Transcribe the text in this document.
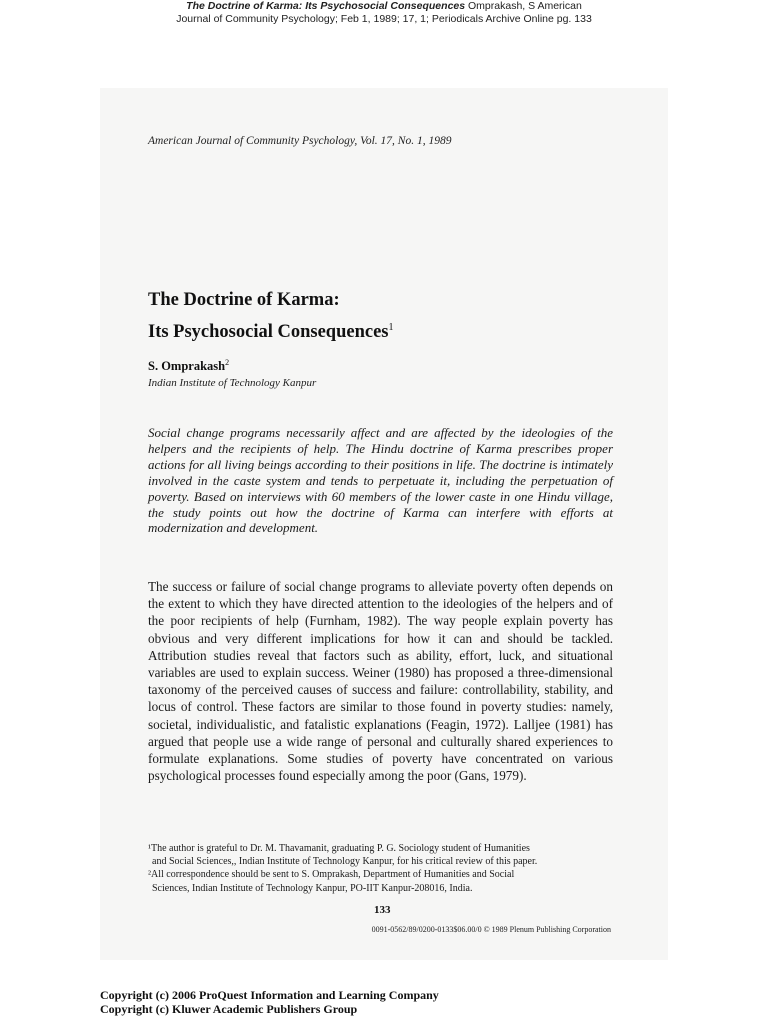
The Doctrine of Karma: Its Psychosocial Consequences Omprakash, S American
Journal of Community Psychology; Feb 1, 1989; 17, 1; Periodicals Archive Online pg. 133
American Journal of Community Psychology, Vol. 17, No. 1, 1989
The Doctrine of Karma:
Its Psychosocial Consequences$^1$
S. Omprakash$^2$
Indian Institute of Technology Kanpur

Social change programs necessarily affect and are affected by the ideologies of the helpers and the recipients of help. The Hindu doctrine of Karma prescribes proper actions for all living beings according to their positions in life. The doctrine is intimately involved in the caste system and tends to perpetuate it, including the perpetuation of poverty. Based on interviews with 60 members of the lower caste in one Hindu village, the study points out how the doctrine of Karma can interfere with efforts at modernization and development.

The success or failure of social change programs to alleviate poverty often depends on the extent to which they have directed attention to the ideologies of the helpers and of the poor recipients of help (Furnham, 1982). The way people explain poverty has obvious and very different implications for how it can and should be tackled. Attribution studies reveal that factors such as ability, effort, luck, and situational variables are used to explain success. Weiner (1980) has proposed a three-dimensional taxonomy of the perceived causes of success and failure: controllability, stability, and locus of control. These factors are similar to those found in poverty studies: namely, societal, individualistic, and fatalistic explanations (Feagin, 1972). Lalljee (1981) has argued that people use a wide range of personal and culturally shared experiences to formulate explanations. Some studies of poverty have concentrated on various psychological processes found especially among the poor (Gans, 1979).

¹The author is grateful to Dr. M. Thavamanit, graduating P. G. Sociology student of Humanities

and Social Sciences,, Indian Institute of Technology Kanpur, for his critical review of this paper.

²All correspondence should be sent to S. Omprakash, Department of Humanities and Social

Sciences, Indian Institute of Technology Kanpur, PO-IIT Kanpur-208016, India.

133
0091-0562/89/0200-0133$06.00/0 © 1989 Plenum Publishing Corporation

Copyright (c) 2006 ProQuest Information and Learning Company

Copyright (c) Kluwer Academic Publishers Group
